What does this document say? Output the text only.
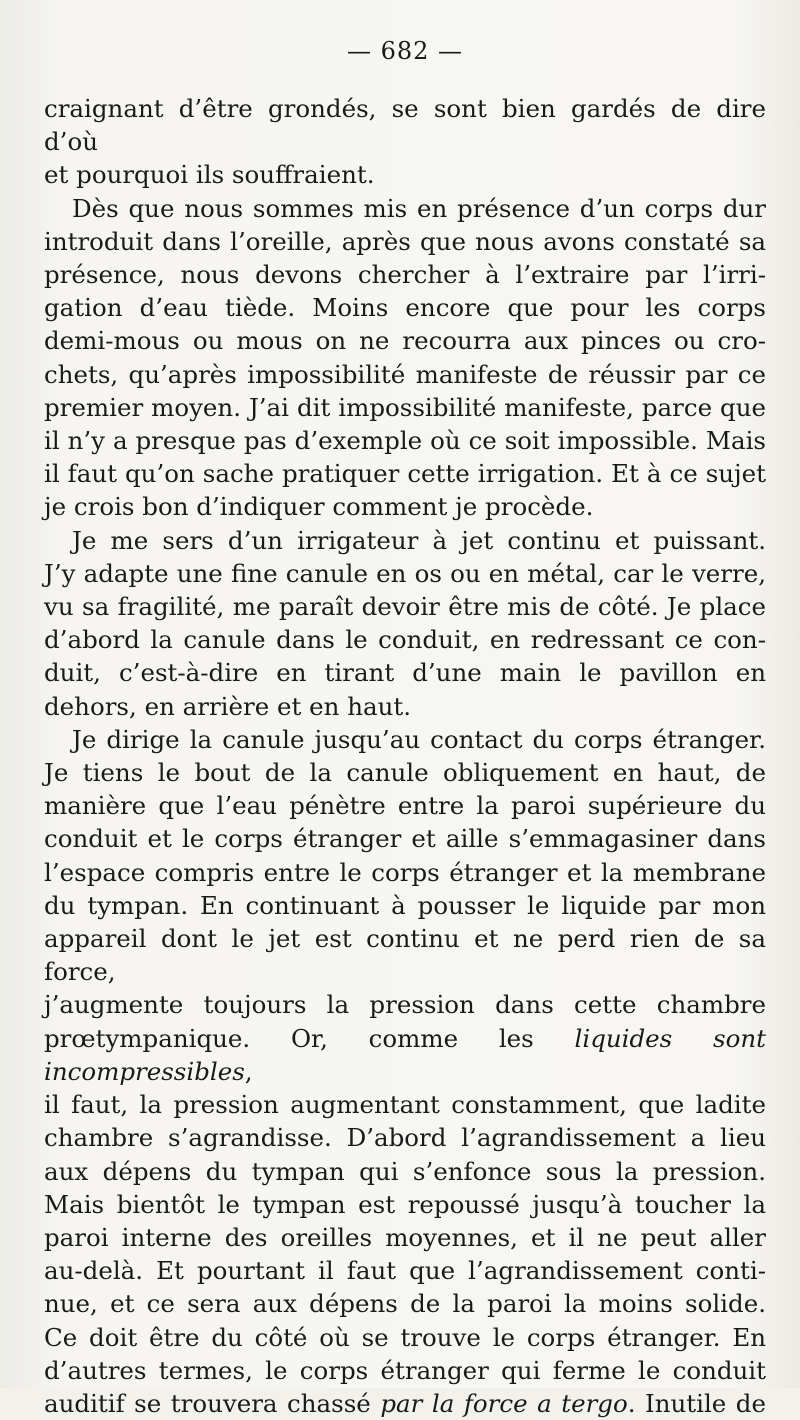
— 682 —

craignant d’être grondés, se sont bien gardés de dire d’où

et pourquoi ils souffraient.

Dès que nous sommes mis en présence d’un corps dur

introduit dans l’oreille, après que nous avons constaté sa

présence, nous devons chercher à l’extraire par l’irri-

gation d’eau tiède. Moins encore que pour les corps

demi-mous ou mous on ne recourra aux pinces ou cro-

chets, qu’après impossibilité manifeste de réussir par ce

premier moyen. J’ai dit impossibilité manifeste, parce que

il n’y a presque pas d’exemple où ce soit impossible. Mais

il faut qu’on sache pratiquer cette irrigation. Et à ce sujet

je crois bon d’indiquer comment je procède.

Je me sers d’un irrigateur à jet continu et puissant.

J’y adapte une fine canule en os ou en métal, car le verre,

vu sa fragilité, me paraît devoir être mis de côté. Je place

d’abord la canule dans le conduit, en redressant ce con-

duit, c’est-à-dire en tirant d’une main le pavillon en

dehors, en arrière et en haut.

Je dirige la canule jusqu’au contact du corps étranger.

Je tiens le bout de la canule obliquement en haut, de

manière que l’eau pénètre entre la paroi supérieure du

conduit et le corps étranger et aille s’emmagasiner dans

l’espace compris entre le corps étranger et la membrane

du tympan. En continuant à pousser le liquide par mon

appareil dont le jet est continu et ne perd rien de sa force,

j’augmente toujours la pression dans cette chambre

prœtympanique. Or, comme les liquides sont incompressibles,

il faut, la pression augmentant constamment, que ladite

chambre s’agrandisse. D’abord l’agrandissement a lieu

aux dépens du tympan qui s’enfonce sous la pression.

Mais bientôt le tympan est repoussé jusqu’à toucher la

paroi interne des oreilles moyennes, et il ne peut aller

au-delà. Et pourtant il faut que l’agrandissement conti-

nue, et ce sera aux dépens de la paroi la moins solide.

Ce doit être du côté où se trouve le corps étranger. En

d’autres termes, le corps étranger qui ferme le conduit

auditif se trouvera chassé par la force a tergo. Inutile de
